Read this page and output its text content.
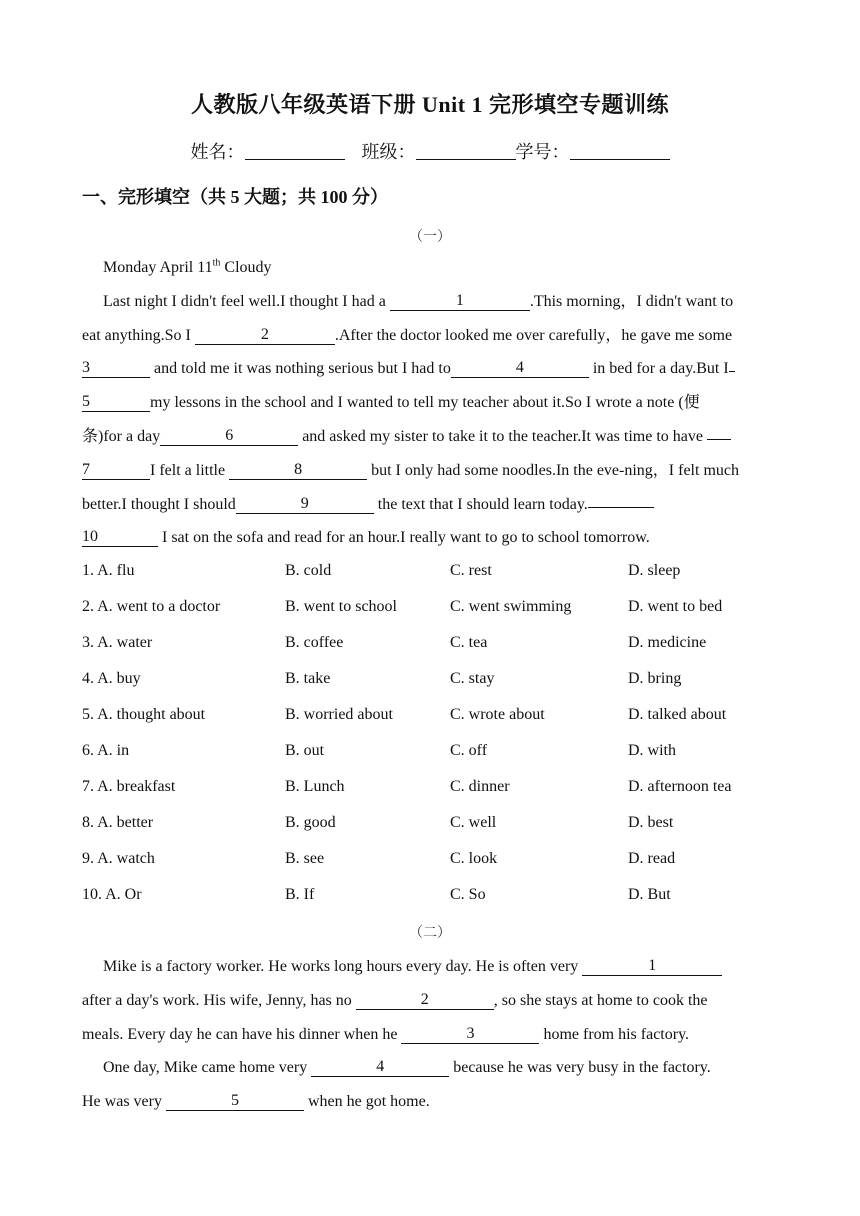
人教版八年级英语下册 Unit 1 完形填空专题训练
姓名：	班级：	学号：
一、完形填空（共 5 大题；共 100 分）
（一）
Monday April 11th Cloudy
Last night I didn't feel well.I thought I had a	1	.This morning，I didn't want to
eat anything.So I	2	.After the doctor looked me over carefully，he gave me some
3	and told me it was nothing serious but I had to	4	in bed for a day.But I
5	my lessons in the school and I wanted to tell my teacher about it.So I wrote a note (便
条)for a day	6	and asked my sister to take it to the teacher.It was time to have
7	I felt a little	8	but I only had some noodles.In the eve-ning，I felt much
better.I thought I should	9	the text that I should learn today.
10	I sat on the sofa and read for an hour.I really want to go to school tomorrow.
1. A. flu	B. cold	C. rest	D. sleep
2. A. went to a doctor	B. went to school	C. went swimming	D. went to bed
3. A. water	B. coffee	C. tea	D. medicine
4. A. buy	B. take	C. stay	D. bring
5. A. thought about	B. worried about	C. wrote about	D. talked about
6. A. in	B. out	C. off	D. with
7. A. breakfast	B. Lunch	C. dinner	D. afternoon tea
8. A. better	B. good	C. well	D. best
9. A. watch	B. see	C. look	D. read
10. A. Or	B. If	C. So	D. But
（二）
Mike is a factory worker. He works long hours every day. He is often very	1
after a day's work. His wife, Jenny, has no	2	, so she stays at home to cook the
meals. Every day he can have his dinner when he	3	home from his factory.
One day, Mike came home very	4	because he was very busy in the factory.
He was very	5	when he got home.
